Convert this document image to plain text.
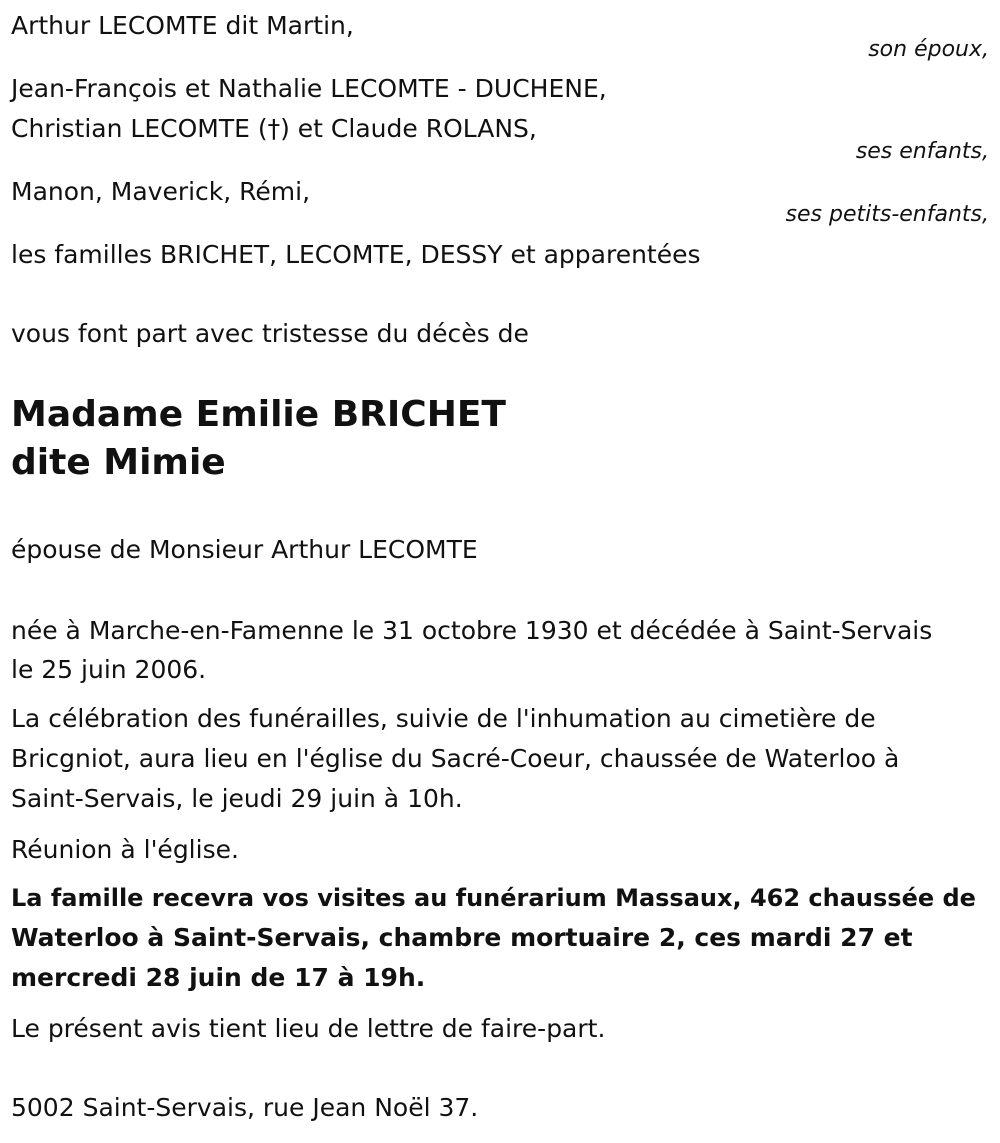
Arthur LECOMTE dit Martin,
son époux,
Jean-François et Nathalie LECOMTE - DUCHENE,
Christian LECOMTE (†) et Claude ROLANS,
ses enfants,
Manon, Maverick, Rémi,
ses petits-enfants,
les familles BRICHET, LECOMTE, DESSY et apparentées
vous font part avec tristesse du décès de
Madame Emilie BRICHET
dite Mimie
épouse de Monsieur Arthur LECOMTE
née à Marche-en-Famenne le 31 octobre 1930 et décédée à Saint-Servais
le 25 juin 2006.
La célébration des funérailles, suivie de l'inhumation au cimetière de
Bricgniot, aura lieu en l'église du Sacré-Coeur, chaussée de Waterloo à
Saint-Servais, le jeudi 29 juin à 10h.
Réunion à l'église.
La famille recevra vos visites au funérarium Massaux, 462 chaussée de
Waterloo à Saint-Servais, chambre mortuaire 2, ces mardi 27 et
mercredi 28 juin de 17 à 19h.
Le présent avis tient lieu de lettre de faire-part.
5002 Saint-Servais, rue Jean Noël 37.
